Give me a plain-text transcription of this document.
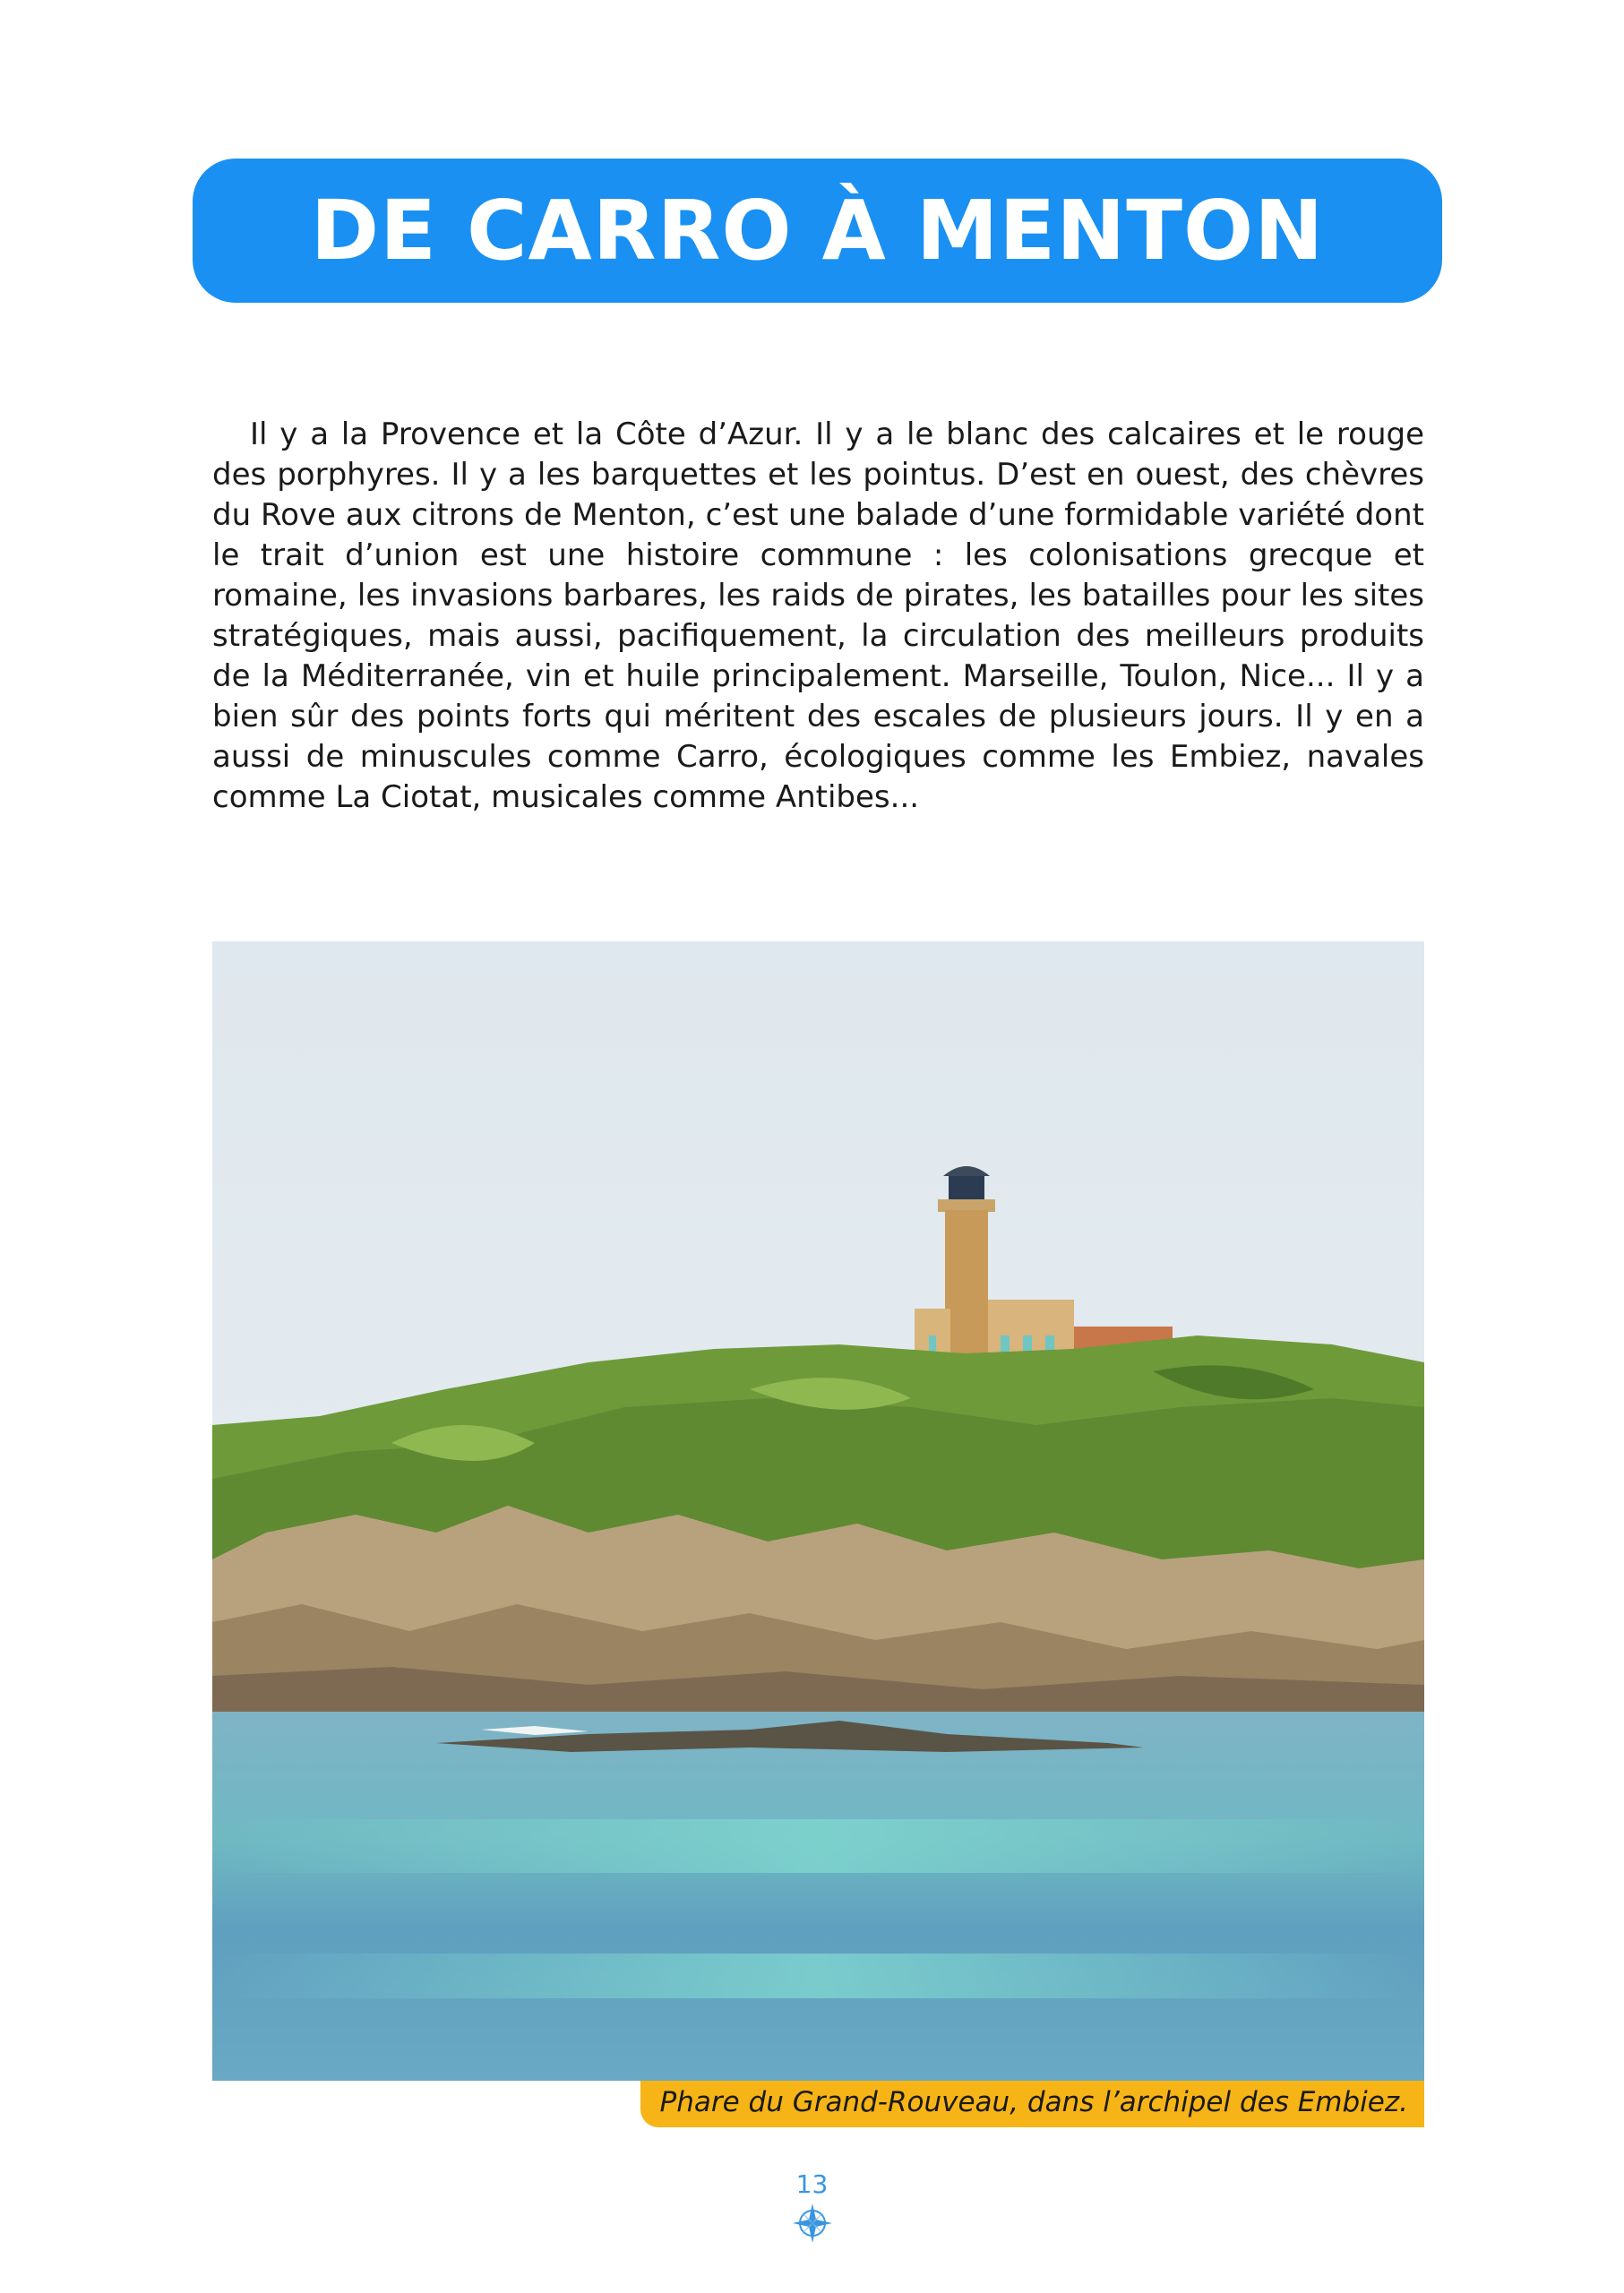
DE CARRO À MENTON

Il y a la Provence et la Côte d’Azur. Il y a le blanc des calcaires et le rouge des porphyres. Il y a les barquettes et les pointus. D’est en ouest, des chèvres du Rove aux citrons de Menton, c’est une balade d’une formidable variété dont le trait d’union est une histoire commune : les colonisations grecque et romaine, les invasions barbares, les raids de pirates, les batailles pour les sites stratégiques, mais aussi, pacifiquement, la circulation des meilleurs produits de la Méditerranée, vin et huile principalement. Marseille, Toulon, Nice... Il y a bien sûr des points forts qui méritent des escales de plusieurs jours. Il y en a aussi de minuscules comme Carro, écologiques comme les Embiez, navales comme La Ciotat, musicales comme Antibes...

Phare du Grand-Rouveau, dans l’archipel des Embiez.
13
